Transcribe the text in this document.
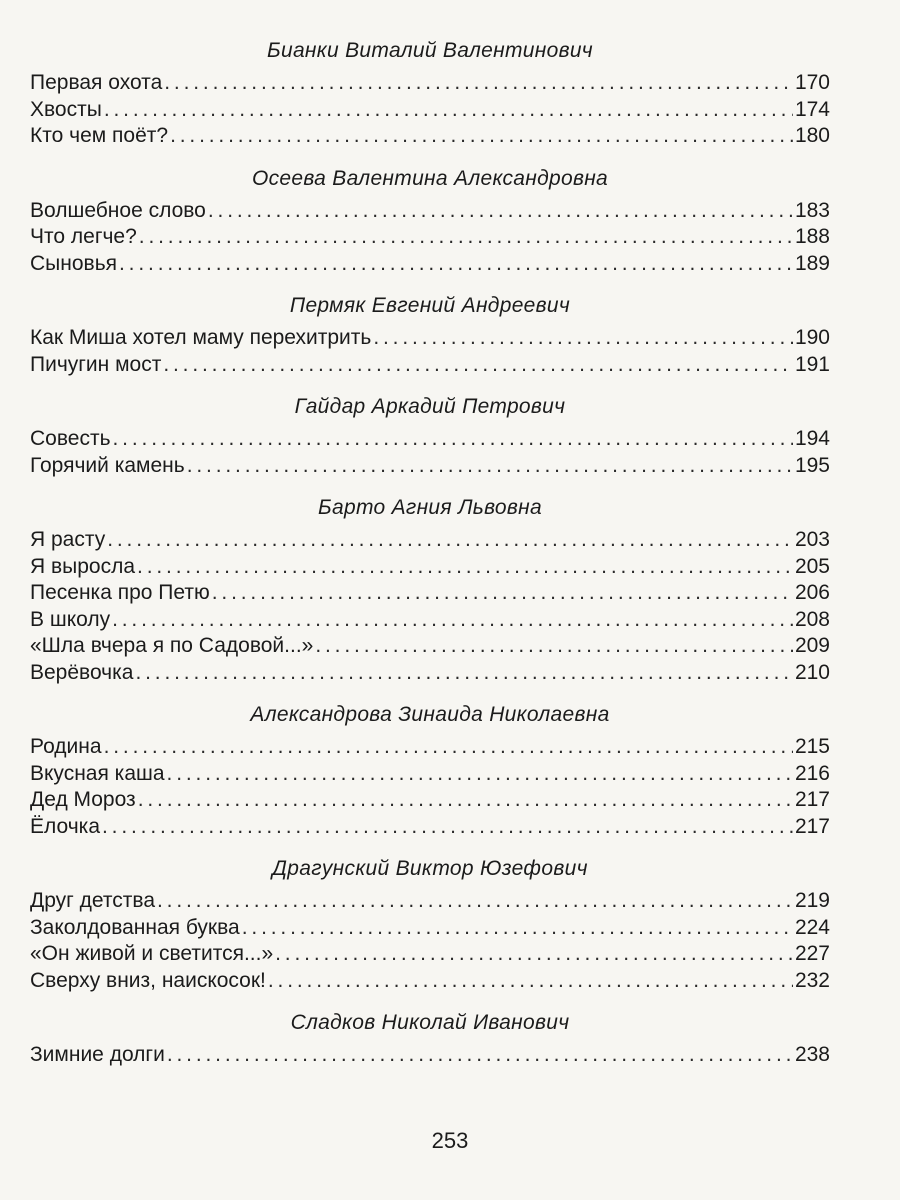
Бианки Виталий Валентинович
Первая охота . . .	170
Хвосты . . .	174
Кто чем поёт? . . .	180
Осеева Валентина Александровна
Волшебное слово . . .	183
Что легче? . . .	188
Сыновья . . .	189
Пермяк Евгений Андреевич
Как Миша хотел маму перехитрить . . .	190
Пичугин мост . . .	191
Гайдар Аркадий Петрович
Совесть . . .	194
Горячий камень . . .	195
Барто Агния Львовна
Я расту . . .	203
Я выросла . . .	205
Песенка про Петю . . .	206
В школу . . .	208
«Шла вчера я по Садовой...» . . .	209
Верёвочка . . .	210
Александрова Зинаида Николаевна
Родина . . .	215
Вкусная каша . . .	216
Дед Мороз . . .	217
Ёлочка . . .	217
Драгунский Виктор Юзефович
Друг детства . . .	219
Заколдованная буква . . .	224
«Он живой и светится...» . . .	227
Сверху вниз, наискосок! . . .	232
Сладков Николай Иванович
Зимние долги . . .	238
253
